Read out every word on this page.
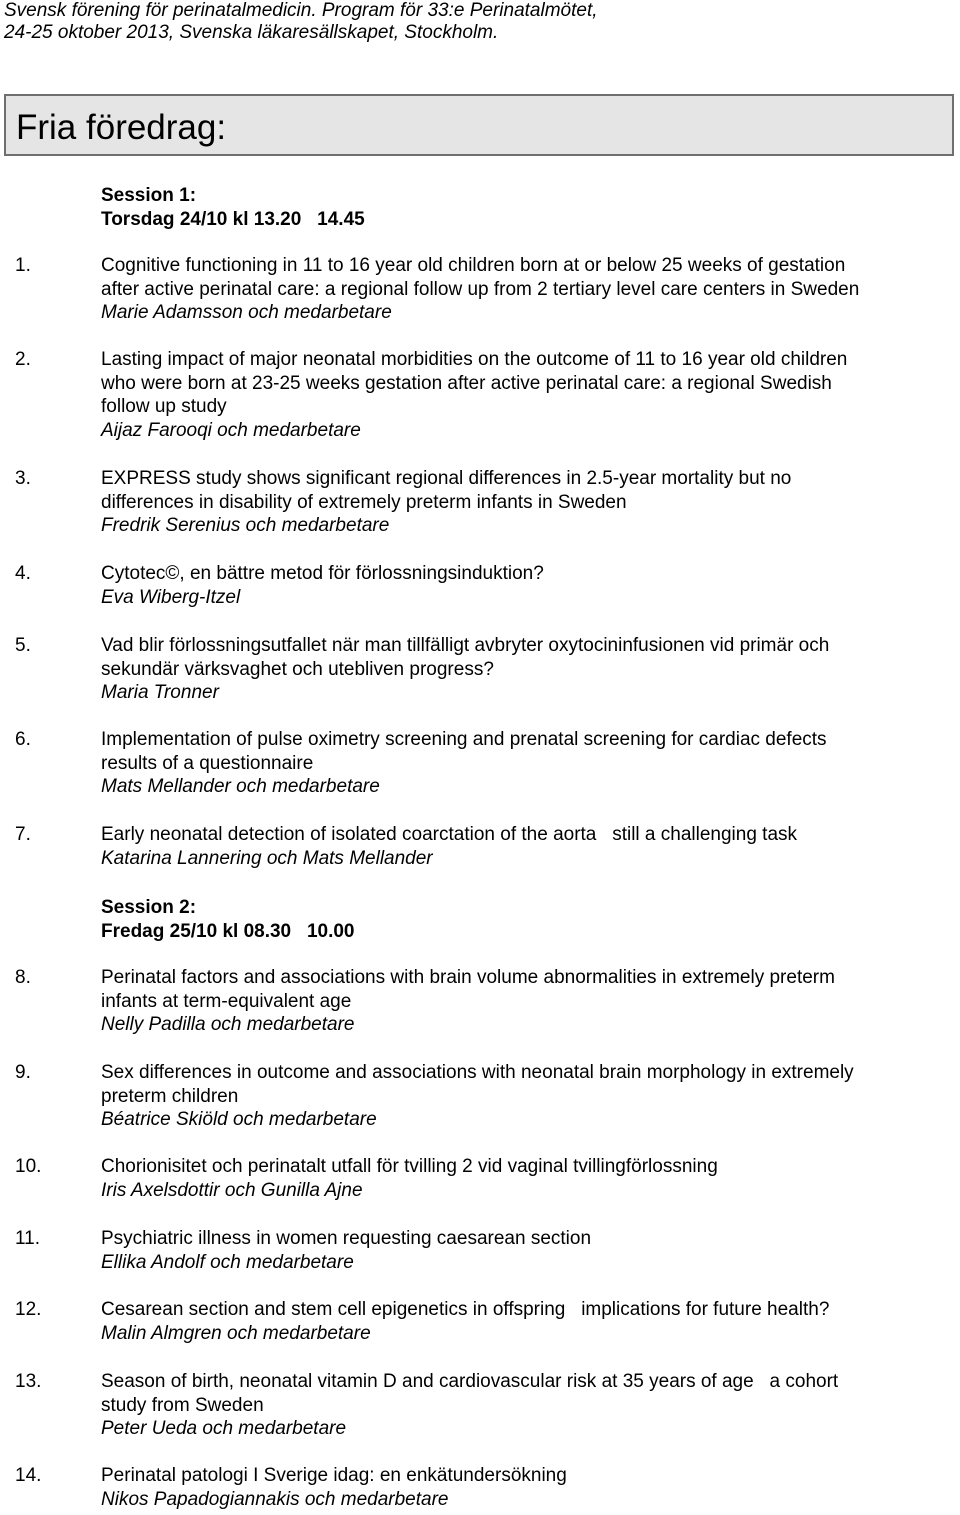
Svensk förening för perinatalmedicin. Program för 33:e Perinatalmötet,
24-25 oktober 2013, Svenska läkaresällskapet, Stockholm.
Fria föredrag:
Session 1:
Torsdag 24/10 kl 13.20   14.45
Session 2:
Fredag 25/10 kl 08.30   10.00
1.	Cognitive functioning in 11 to 16 year old children born at or below 25 weeks of gestation
after active perinatal care: a regional follow up from 2 tertiary level care centers in Sweden
Marie Adamsson och medarbetare
2.	Lasting impact of major neonatal morbidities on the outcome of 11 to 16 year old children
who were born at 23-25 weeks gestation after active perinatal care: a regional Swedish
follow up study
Aijaz Farooqi och medarbetare
3.	EXPRESS study shows significant regional differences in 2.5-year mortality but no
differences in disability of extremely preterm infants in Sweden
Fredrik Serenius och medarbetare
4.	Cytotec©, en bättre metod för förlossningsinduktion?
Eva Wiberg-Itzel
5.	Vad blir förlossningsutfallet när man tillfälligt avbryter oxytocininfusionen vid primär och
sekundär värksvaghet och utebliven progress?
Maria Tronner
6.	Implementation of pulse oximetry screening and prenatal screening for cardiac defects
results of a questionnaire
Mats Mellander och medarbetare
7.	Early neonatal detection of isolated coarctation of the aorta   still a challenging task
Katarina Lannering och Mats Mellander
8.	Perinatal factors and associations with brain volume abnormalities in extremely preterm
infants at term-equivalent age
Nelly Padilla och medarbetare
9.	Sex differences in outcome and associations with neonatal brain morphology in extremely
preterm children
Béatrice Skiöld och medarbetare
10.	Chorionisitet och perinatalt utfall för tvilling 2 vid vaginal tvillingförlossning
Iris Axelsdottir och Gunilla Ajne
11.	Psychiatric illness in women requesting caesarean section
Ellika Andolf och medarbetare
12.	Cesarean section and stem cell epigenetics in offspring   implications for future health?
Malin Almgren och medarbetare
13.	Season of birth, neonatal vitamin D and cardiovascular risk at 35 years of age   a cohort
study from Sweden
Peter Ueda och medarbetare
14.	Perinatal patologi I Sverige idag: en enkätundersökning
Nikos Papadogiannakis och medarbetare
